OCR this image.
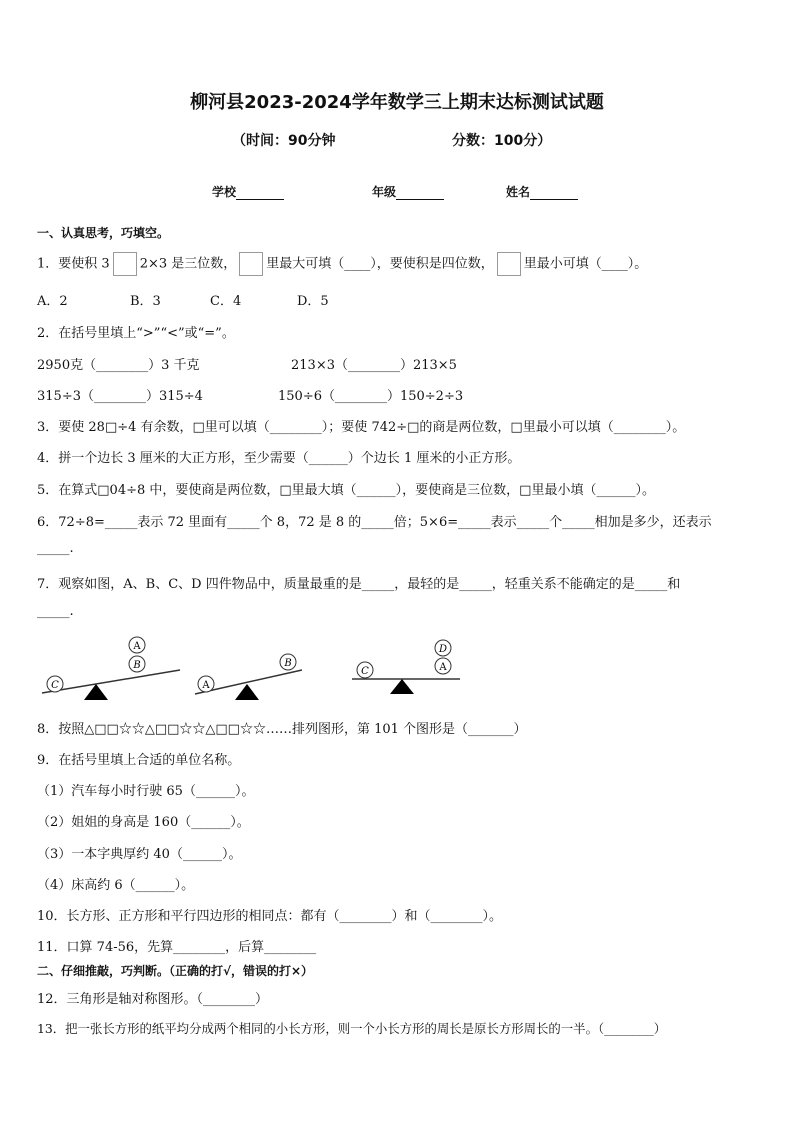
柳河县2023-2024学年数学三上期末达标测试试题
（时间：90分钟	分数：100分）
学校	年级	姓名
一、认真思考，巧填空。
1．要使积 3 2×3 是三位数， 里最大可填（____），要使积是四位数， 里最小可填（____）。
A．2	B．3	C．4	D．5
2．在括号里填上“>”“<”或“=”。
2950克（________）3 千克	213×3（________）213×5
315÷3（________）315÷4	150÷6（________）150÷2÷3
3．要使 28□÷4 有余数，□里可以填（________）；要使 742÷□的商是两位数，□里最小可以填（________）。
4．拼一个边长 3 厘米的大正方形，至少需要（______）个边长 1 厘米的小正方形。
5．在算式□04÷8 中，要使商是两位数，□里最大填（______），要使商是三位数，□里最小填（______）。
6．72÷8=_____表示 72 里面有_____个 8，72 是 8 的_____倍；5×6=_____表示_____个_____相加是多少，还表示
_____.
7．观察如图，A、B、C、D 四件物品中，质量最重的是_____，最轻的是_____，轻重关系不能确定的是_____和
_____.
C
B
A
A
B
C	A
D
8．按照△□□☆☆△□□☆☆△□□☆☆……排列图形，第 101 个图形是（_______）
9．在括号里填上合适的单位名称。
（1）汽车每小时行驶 65（______）。
（2）姐姐的身高是 160（______）。
（3）一本字典厚约 40（______）。
（4）床高约 6（______）。
10．长方形、正方形和平行四边形的相同点：都有（________）和（________）。
11．口算 74-56，先算________，后算________
二、仔细推敲，巧判断。（正确的打√，错误的打×）
12．三角形是轴对称图形。（________）
13．把一张长方形的纸平均分成两个相同的小长方形，则一个小长方形的周长是原长方形周长的一半。（________）
